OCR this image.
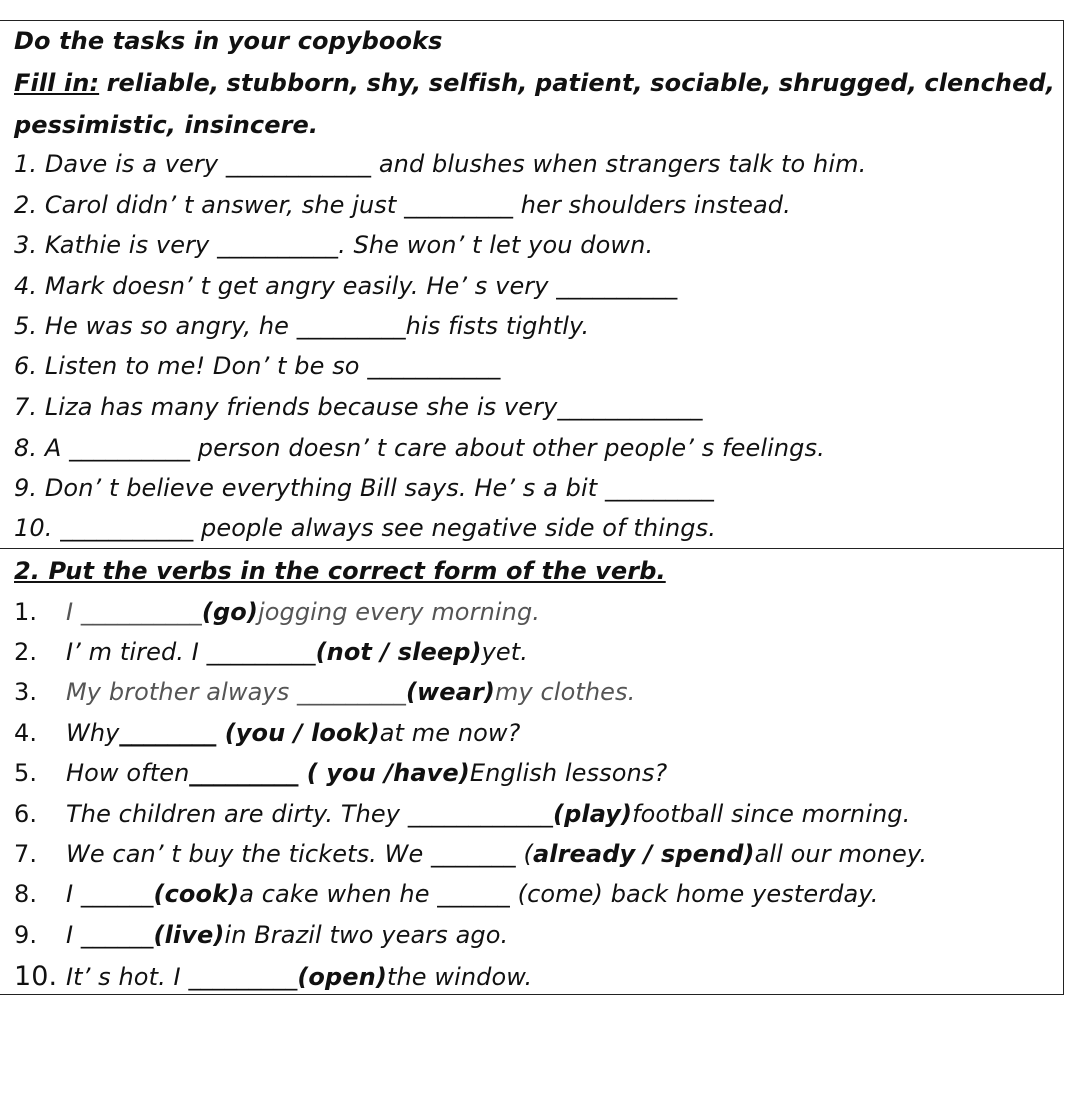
Do the tasks in your copybooks
Fill in: reliable, stubborn, shy, selfish, patient, sociable, shrugged, clenched,
pessimistic, insincere.
1. Dave is a very ____________ and blushes when strangers talk to him.
2. Carol didn’ t answer, she just _________ her shoulders instead.
3. Kathie is very __________. She won’ t let you down.
4. Mark doesn’ t get angry easily. He’ s very __________
5. He was so angry, he _________his fists tightly.
6. Listen to me! Don’ t be so ___________
7. Liza has many friends because she is very____________
8. A __________ person doesn’ t care about other people’ s feelings.
9. Don’ t believe everything Bill says. He’ s a bit _________
10. ___________ people always see negative side of things.
2. Put the verbs in the correct form of the verb.
1.	I __________ (go) jogging every morning.
2.	I’ m tired. I _________ (not / sleep) yet.
3.	My brother always _________ (wear) my clothes.
4.	Why ________ (you / look) at me now?
5.	How often _________ ( you /have) English lessons?
6.	The children are dirty. They ____________ (play) football since morning.
7.	We can’ t buy the tickets. We _______ ( already / spend) all our money.
8.	I ______ (cook) a cake when he ______ (come) back home yesterday.
9.	I ______ (live) in Brazil two years ago.
10. It’ s hot. I _________ (open) the window.
